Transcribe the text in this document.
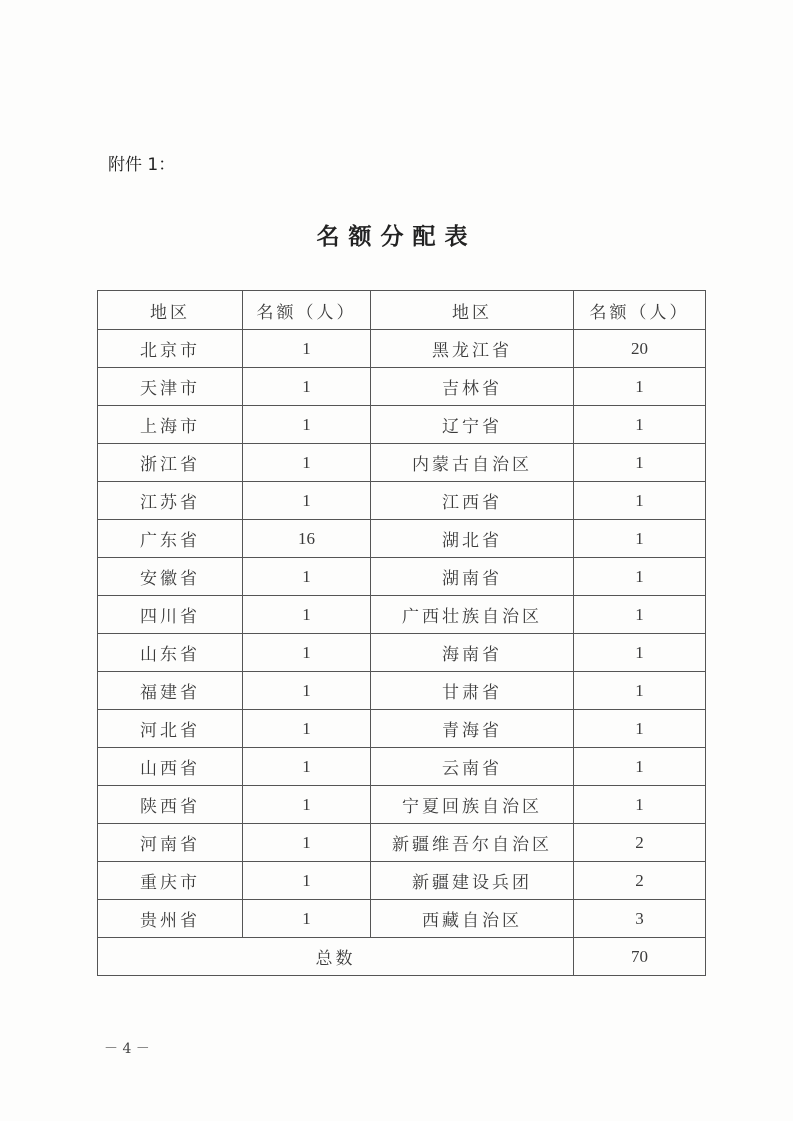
附件 1：
名额分配表
地区	名额（人）	地区	名额（人）
北京市	1	黑龙江省	20
天津市	1	吉林省	1
上海市	1	辽宁省	1
浙江省	1	内蒙古自治区	1
江苏省	1	江西省	1
广东省	16	湖北省	1
安徽省	1	湖南省	1
四川省	1	广西壮族自治区	1
山东省	1	海南省	1
福建省	1	甘肃省	1
河北省	1	青海省	1
山西省	1	云南省	1
陕西省	1	宁夏回族自治区	1
河南省	1	新疆维吾尔自治区	2
重庆市	1	新疆建设兵团	2
贵州省	1	西藏自治区	3
总数			70
－ 4 －
